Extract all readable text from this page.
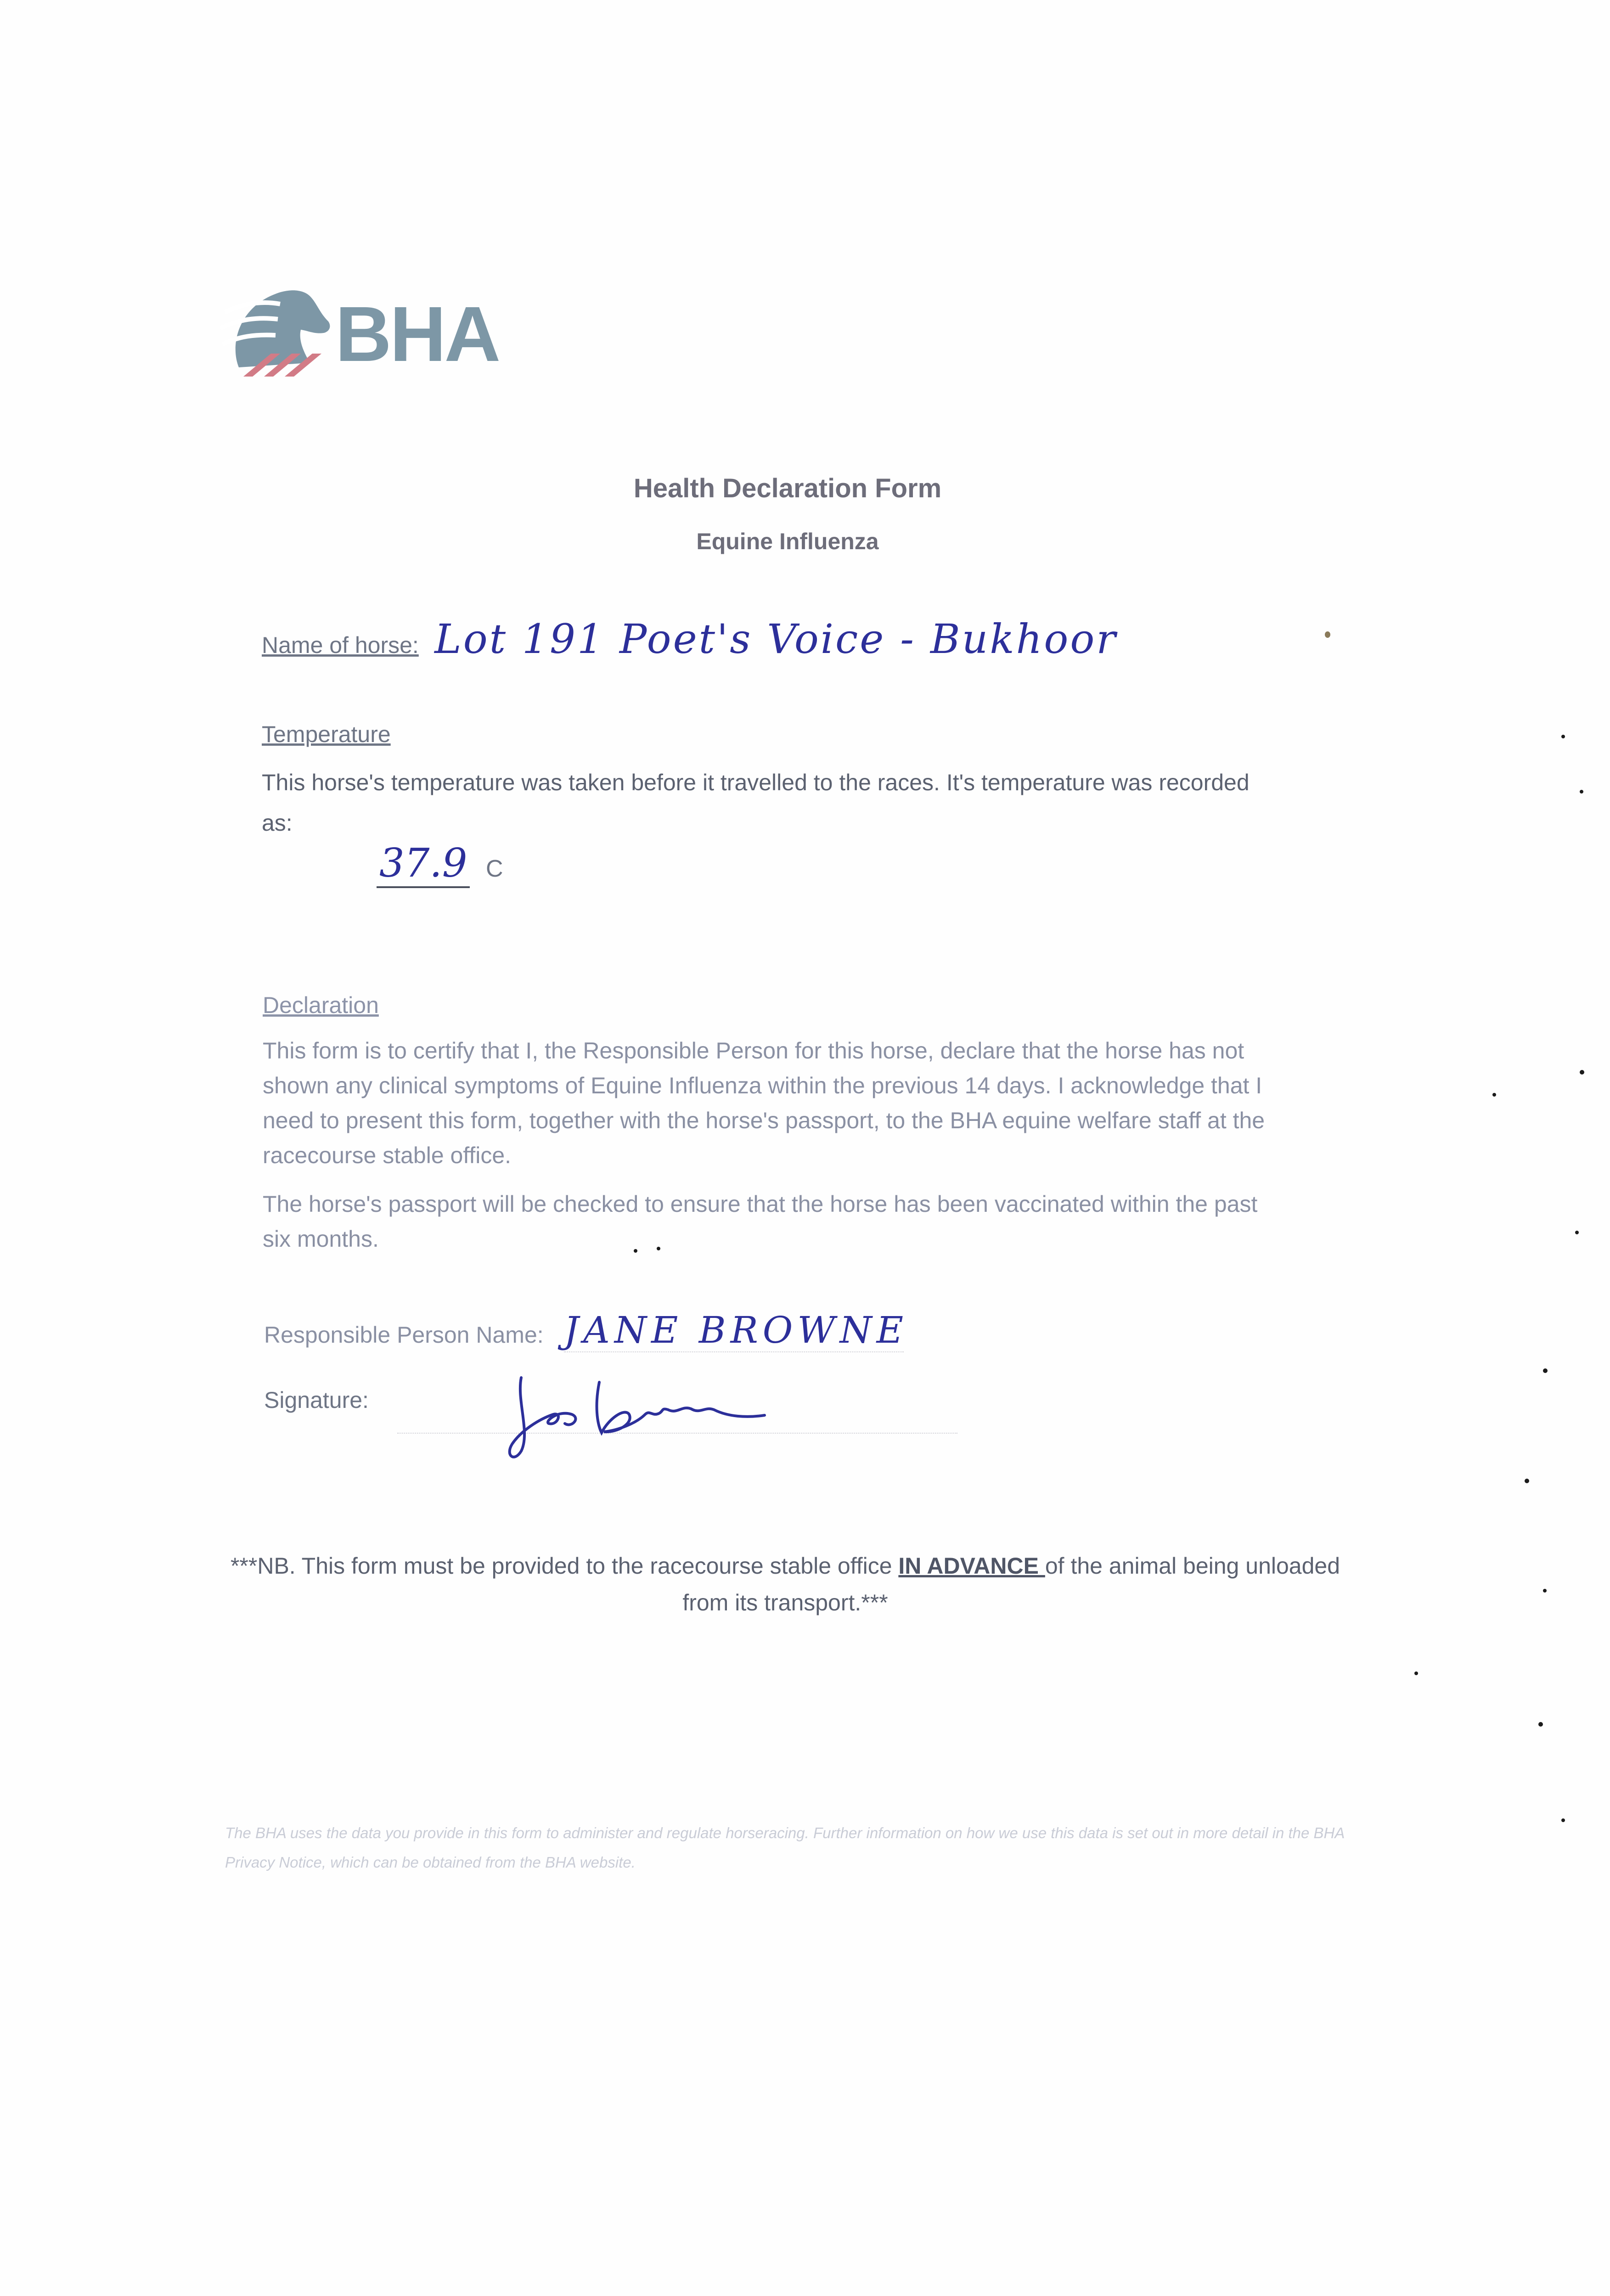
BHA
Health Declaration Form
Equine Influenza
Name of horse: Lot 191 Poet's Voice - Bukhoor
Temperature
This horse's temperature was taken before it travelled to the races. It's temperature was recorded as:
37.9 C
Declaration

This form is to certify that I, the Responsible Person for this horse, declare that the horse has not shown any clinical symptoms of Equine Influenza within the previous 14 days. I acknowledge that I need to present this form, together with the horse's passport, to the BHA equine welfare staff at the racecourse stable office.

The horse's passport will be checked to ensure that the horse has been vaccinated within the past six months.

Responsible Person Name: JANE BROWNE
Signature:
***NB. This form must be provided to the racecourse stable office IN ADVANCE of the animal being unloaded from its transport.***
The BHA uses the data you provide in this form to administer and regulate horseracing. Further information on how we use this data is set out in more detail in the BHA Privacy Notice, which can be obtained from the BHA website.
